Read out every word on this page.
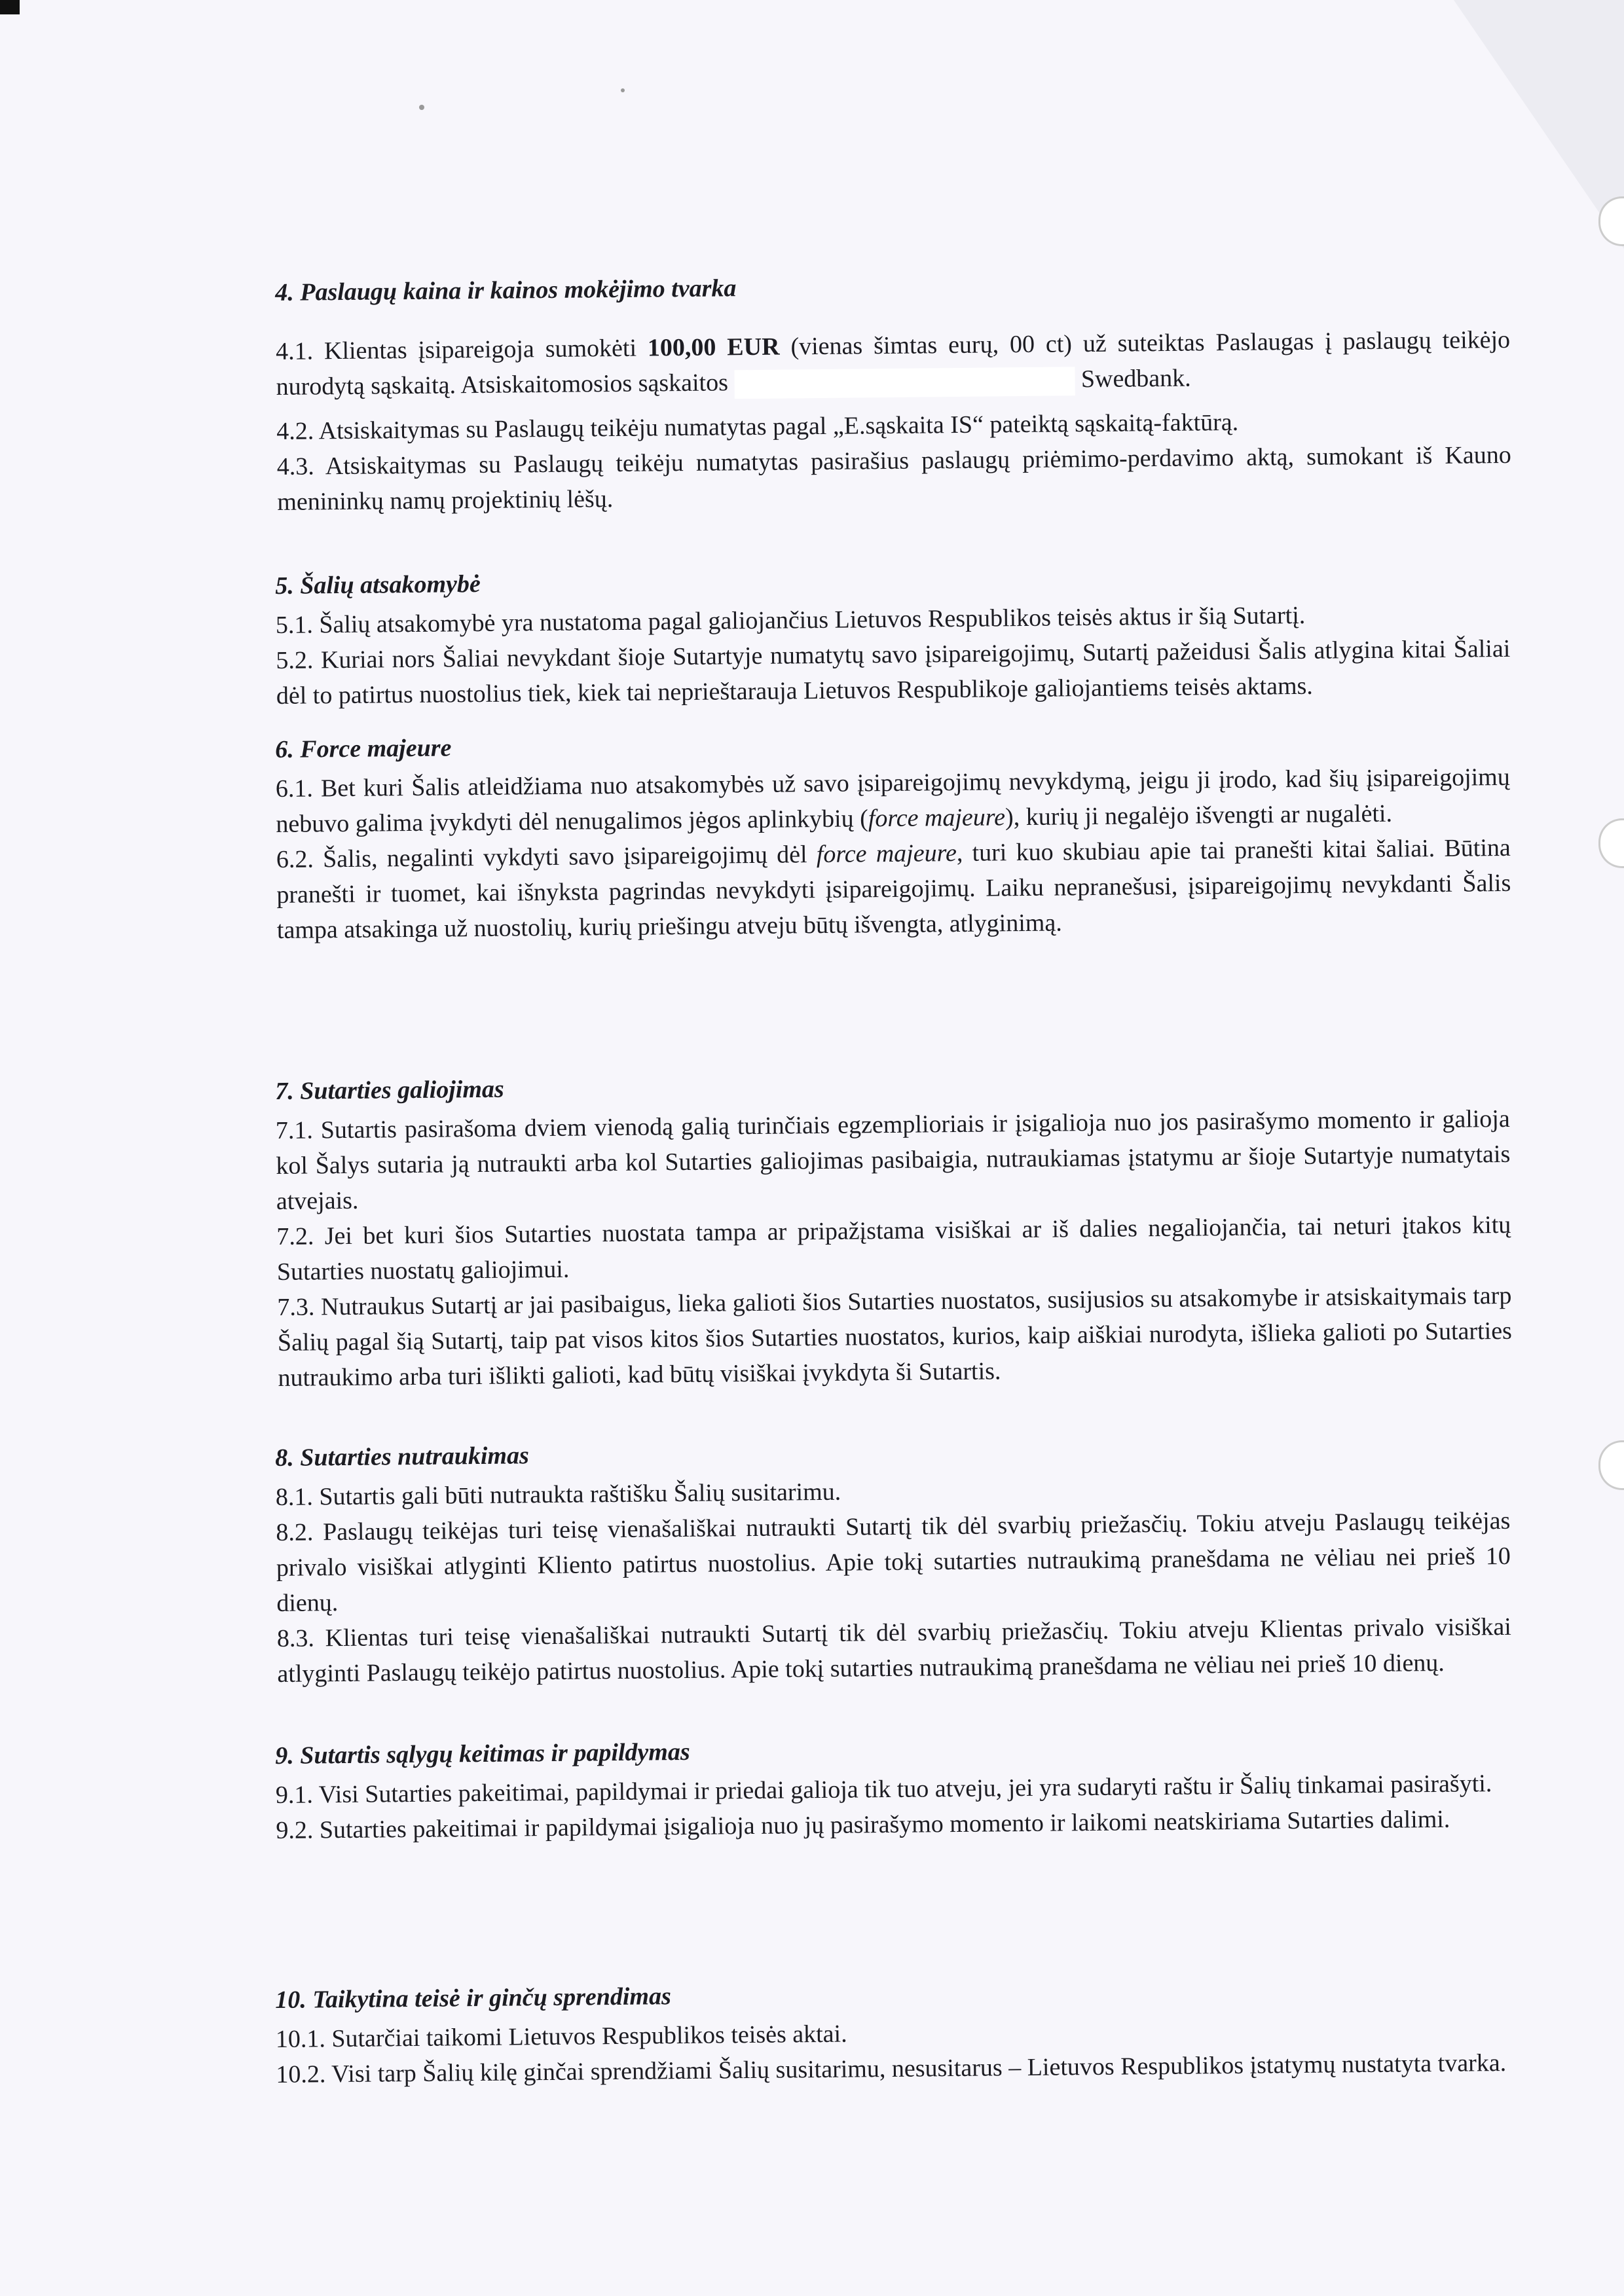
4. Paslaugų kaina ir kainos mokėjimo tvarka
4.1. Klientas įsipareigoja sumokėti 100,00 EUR (vienas šimtas eurų, 00 ct) už suteiktas Paslaugas į paslaugų teikėjo nurodytą sąskaitą. Atsiskaitomosios sąskaitos	Swedbank.
4.2. Atsiskaitymas su Paslaugų teikėju numatytas pagal „E.sąskaita IS“ pateiktą sąskaitą-faktūrą.
4.3. Atsiskaitymas su Paslaugų teikėju numatytas pasirašius paslaugų priėmimo-perdavimo aktą, sumokant iš Kauno menininkų namų projektinių lėšų.
5. Šalių atsakomybė
5.1. Šalių atsakomybė yra nustatoma pagal galiojančius Lietuvos Respublikos teisės aktus ir šią Sutartį.
5.2. Kuriai nors Šaliai nevykdant šioje Sutartyje numatytų savo įsipareigojimų, Sutartį pažeidusi Šalis atlygina kitai Šaliai dėl to patirtus nuostolius tiek, kiek tai neprieštarauja Lietuvos Respublikoje galiojantiems teisės aktams.
6. Force majeure
6.1. Bet kuri Šalis atleidžiama nuo atsakomybės už savo įsipareigojimų nevykdymą, jeigu ji įrodo, kad šių įsipareigojimų nebuvo galima įvykdyti dėl nenugalimos jėgos aplinkybių (force majeure), kurių ji negalėjo išvengti ar nugalėti.
6.2. Šalis, negalinti vykdyti savo įsipareigojimų dėl force majeure, turi kuo skubiau apie tai pranešti kitai šaliai. Būtina pranešti ir tuomet, kai išnyksta pagrindas nevykdyti įsipareigojimų. Laiku nepranešusi, įsipareigojimų nevykdanti Šalis tampa atsakinga už nuostolių, kurių priešingu atveju būtų išvengta, atlyginimą.
7. Sutarties galiojimas
7.1. Sutartis pasirašoma dviem vienodą galią turinčiais egzemplioriais ir įsigalioja nuo jos pasirašymo momento ir galioja kol Šalys sutaria ją nutraukti arba kol Sutarties galiojimas pasibaigia, nutraukiamas įstatymu ar šioje Sutartyje numatytais atvejais.
7.2. Jei bet kuri šios Sutarties nuostata tampa ar pripažįstama visiškai ar iš dalies negaliojančia, tai neturi įtakos kitų Sutarties nuostatų galiojimui.
7.3. Nutraukus Sutartį ar jai pasibaigus, lieka galioti šios Sutarties nuostatos, susijusios su atsakomybe ir atsiskaitymais tarp Šalių pagal šią Sutartį, taip pat visos kitos šios Sutarties nuostatos, kurios, kaip aiškiai nurodyta, išlieka galioti po Sutarties nutraukimo arba turi išlikti galioti, kad būtų visiškai įvykdyta ši Sutartis.
8. Sutarties nutraukimas
8.1. Sutartis gali būti nutraukta raštišku Šalių susitarimu.
8.2. Paslaugų teikėjas turi teisę vienašališkai nutraukti Sutartį tik dėl svarbių priežasčių. Tokiu atveju Paslaugų teikėjas privalo visiškai atlyginti Kliento patirtus nuostolius. Apie tokį sutarties nutraukimą pranešdama ne vėliau nei prieš 10 dienų.
8.3. Klientas turi teisę vienašališkai nutraukti Sutartį tik dėl svarbių priežasčių. Tokiu atveju Klientas privalo visiškai atlyginti Paslaugų teikėjo patirtus nuostolius. Apie tokį sutarties nutraukimą pranešdama ne vėliau nei prieš 10 dienų.
9. Sutartis sąlygų keitimas ir papildymas
9.1. Visi Sutarties pakeitimai, papildymai ir priedai galioja tik tuo atveju, jei yra sudaryti raštu ir Šalių tinkamai pasirašyti.
9.2. Sutarties pakeitimai ir papildymai įsigalioja nuo jų pasirašymo momento ir laikomi neatskiriama Sutarties dalimi.
10. Taikytina teisė ir ginčų sprendimas
10.1. Sutarčiai taikomi Lietuvos Respublikos teisės aktai.
10.2. Visi tarp Šalių kilę ginčai sprendžiami Šalių susitarimu, nesusitarus – Lietuvos Respublikos įstatymų nustatyta tvarka.
